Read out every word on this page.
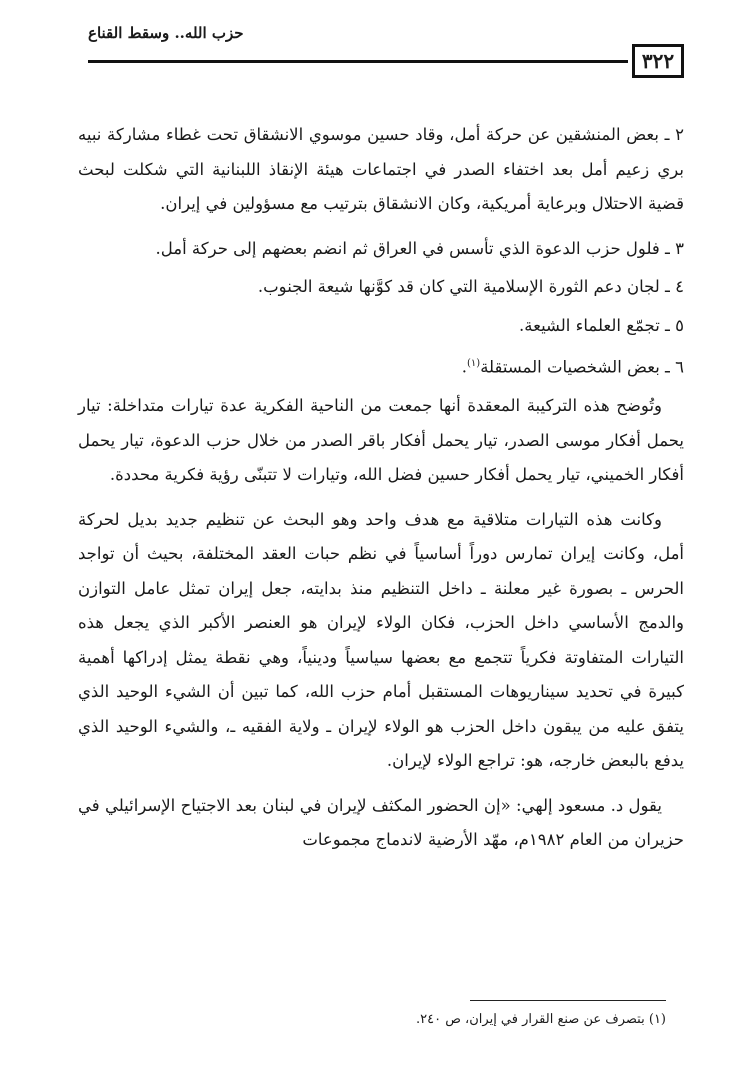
حزب الله.. وسقط القناع
٣٢٢

٢ ـ بعض المنشقين عن حركة أمل، وقاد حسين موسوي الانشقاق تحت غطاء مشاركة نبيه بري زعيم أمل بعد اختفاء الصدر في اجتماعات هيئة الإنقاذ اللبنانية التي شكلت لبحث قضية الاحتلال وبرعاية أمريكية، وكان الانشقاق بترتيب مع مسؤولين في إيران.

٣ ـ فلول حزب الدعوة الذي تأسس في العراق ثم انضم بعضهم إلى حركة أمل.

٤ ـ لجان دعم الثورة الإسلامية التي كان قد كوَّنها شيعة الجنوب.

٥ ـ تجمّع العلماء الشيعة.

٦ ـ بعض الشخصيات المستقلة$^{(١)}$.

وتُوضح هذه التركيبة المعقدة أنها جمعت من الناحية الفكرية عدة تيارات متداخلة: تيار يحمل أفكار موسى الصدر، تيار يحمل أفكار باقر الصدر من خلال حزب الدعوة، تيار يحمل أفكار الخميني، تيار يحمل أفكار حسين فضل الله، وتيارات لا تتبنّى رؤية فكرية محددة.

وكانت هذه التيارات متلاقية مع هدف واحد وهو البحث عن تنظيم جديد بديل لحركة أمل، وكانت إيران تمارس دوراً أساسياً في نظم حبات العقد المختلفة، بحيث أن تواجد الحرس ـ بصورة غير معلنة ـ داخل التنظيم منذ بدايته، جعل إيران تمثل عامل التوازن والدمج الأساسي داخل الحزب، فكان الولاء لإيران هو العنصر الأكبر الذي يجعل هذه التيارات المتفاوتة فكرياً تتجمع مع بعضها سياسياً ودينياً، وهي نقطة يمثل إدراكها أهمية كبيرة في تحديد سيناريوهات المستقبل أمام حزب الله، كما تبين أن الشيء الوحيد الذي يتفق عليه من يبقون داخل الحزب هو الولاء لإيران ـ ولاية الفقيه ـ، والشيء الوحيد الذي يدفع بالبعض خارجه، هو: تراجع الولاء لإيران.

يقول د. مسعود إلهي: «إن الحضور المكثف لإيران في لبنان بعد الاجتياح الإسرائيلي في حزيران من العام ١٩٨٢م، مهّد الأرضية لاندماج مجموعات

(١) بتصرف عن صنع القرار في إيران، ص ٢٤٠.
